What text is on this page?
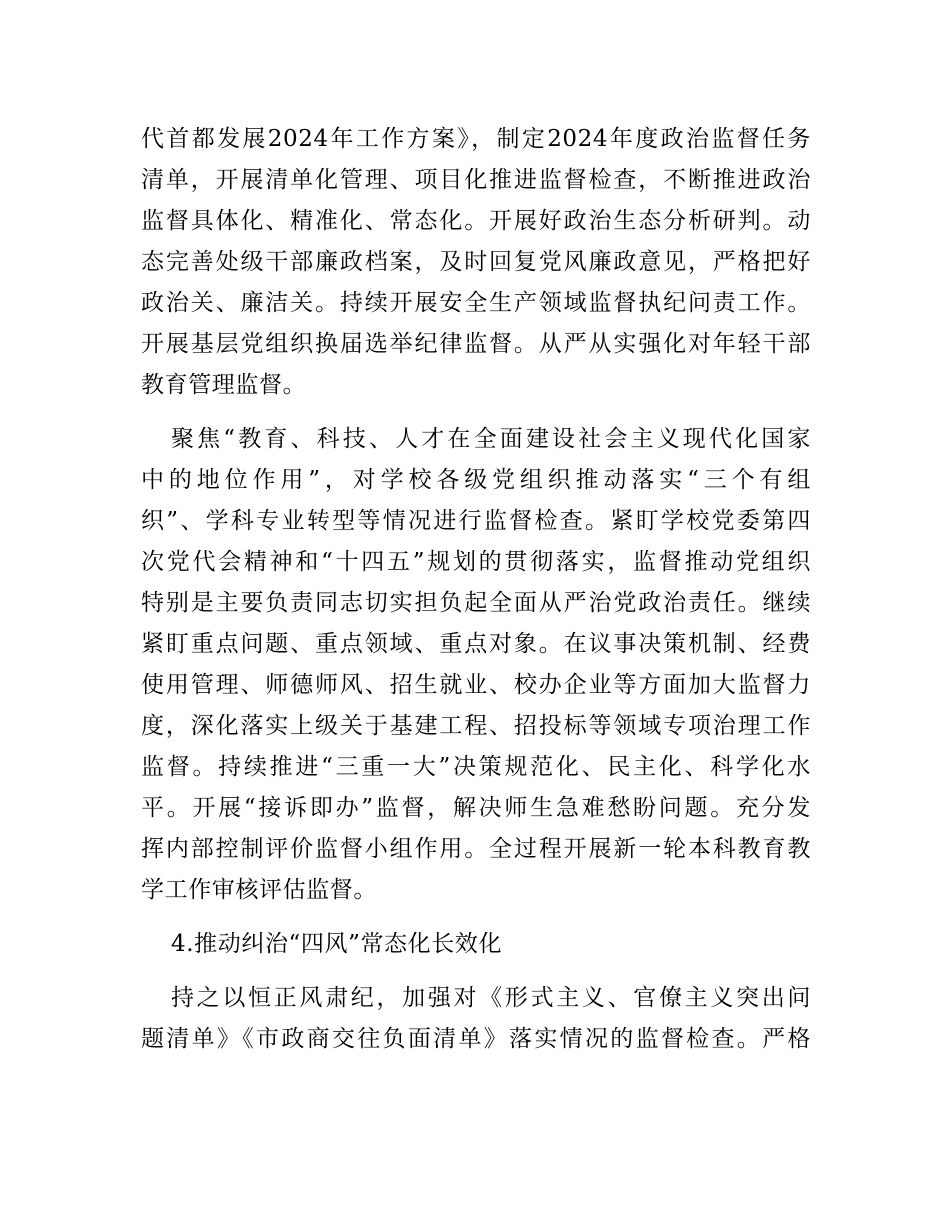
代首都发展2024年工作方案》，制定2024年度政治监督任务
清单，开展清单化管理、项目化推进监督检查，不断推进政治
监督具体化、精准化、常态化。开展好政治生态分析研判。动
态完善处级干部廉政档案，及时回复党风廉政意见，严格把好
政治关、廉洁关。持续开展安全生产领域监督执纪问责工作。
开展基层党组织换届选举纪律监督。从严从实强化对年轻干部
教育管理监督。
聚焦“教育、科技、人才在全面建设社会主义现代化国家
中的地位作用”，对学校各级党组织推动落实“三个有组
织”、学科专业转型等情况进行监督检查。紧盯学校党委第四
次党代会精神和“十四五”规划的贯彻落实，监督推动党组织
特别是主要负责同志切实担负起全面从严治党政治责任。继续
紧盯重点问题、重点领域、重点对象。在议事决策机制、经费
使用管理、师德师风、招生就业、校办企业等方面加大监督力
度，深化落实上级关于基建工程、招投标等领域专项治理工作
监督。持续推进“三重一大”决策规范化、民主化、科学化水
平。开展“接诉即办”监督，解决师生急难愁盼问题。充分发
挥内部控制评价监督小组作用。全过程开展新一轮本科教育教
学工作审核评估监督。
4.推动纠治“四风”常态化长效化
持之以恒正风肃纪，加强对《形式主义、官僚主义突出问
题清单》《市政商交往负面清单》落实情况的监督检查。严格
